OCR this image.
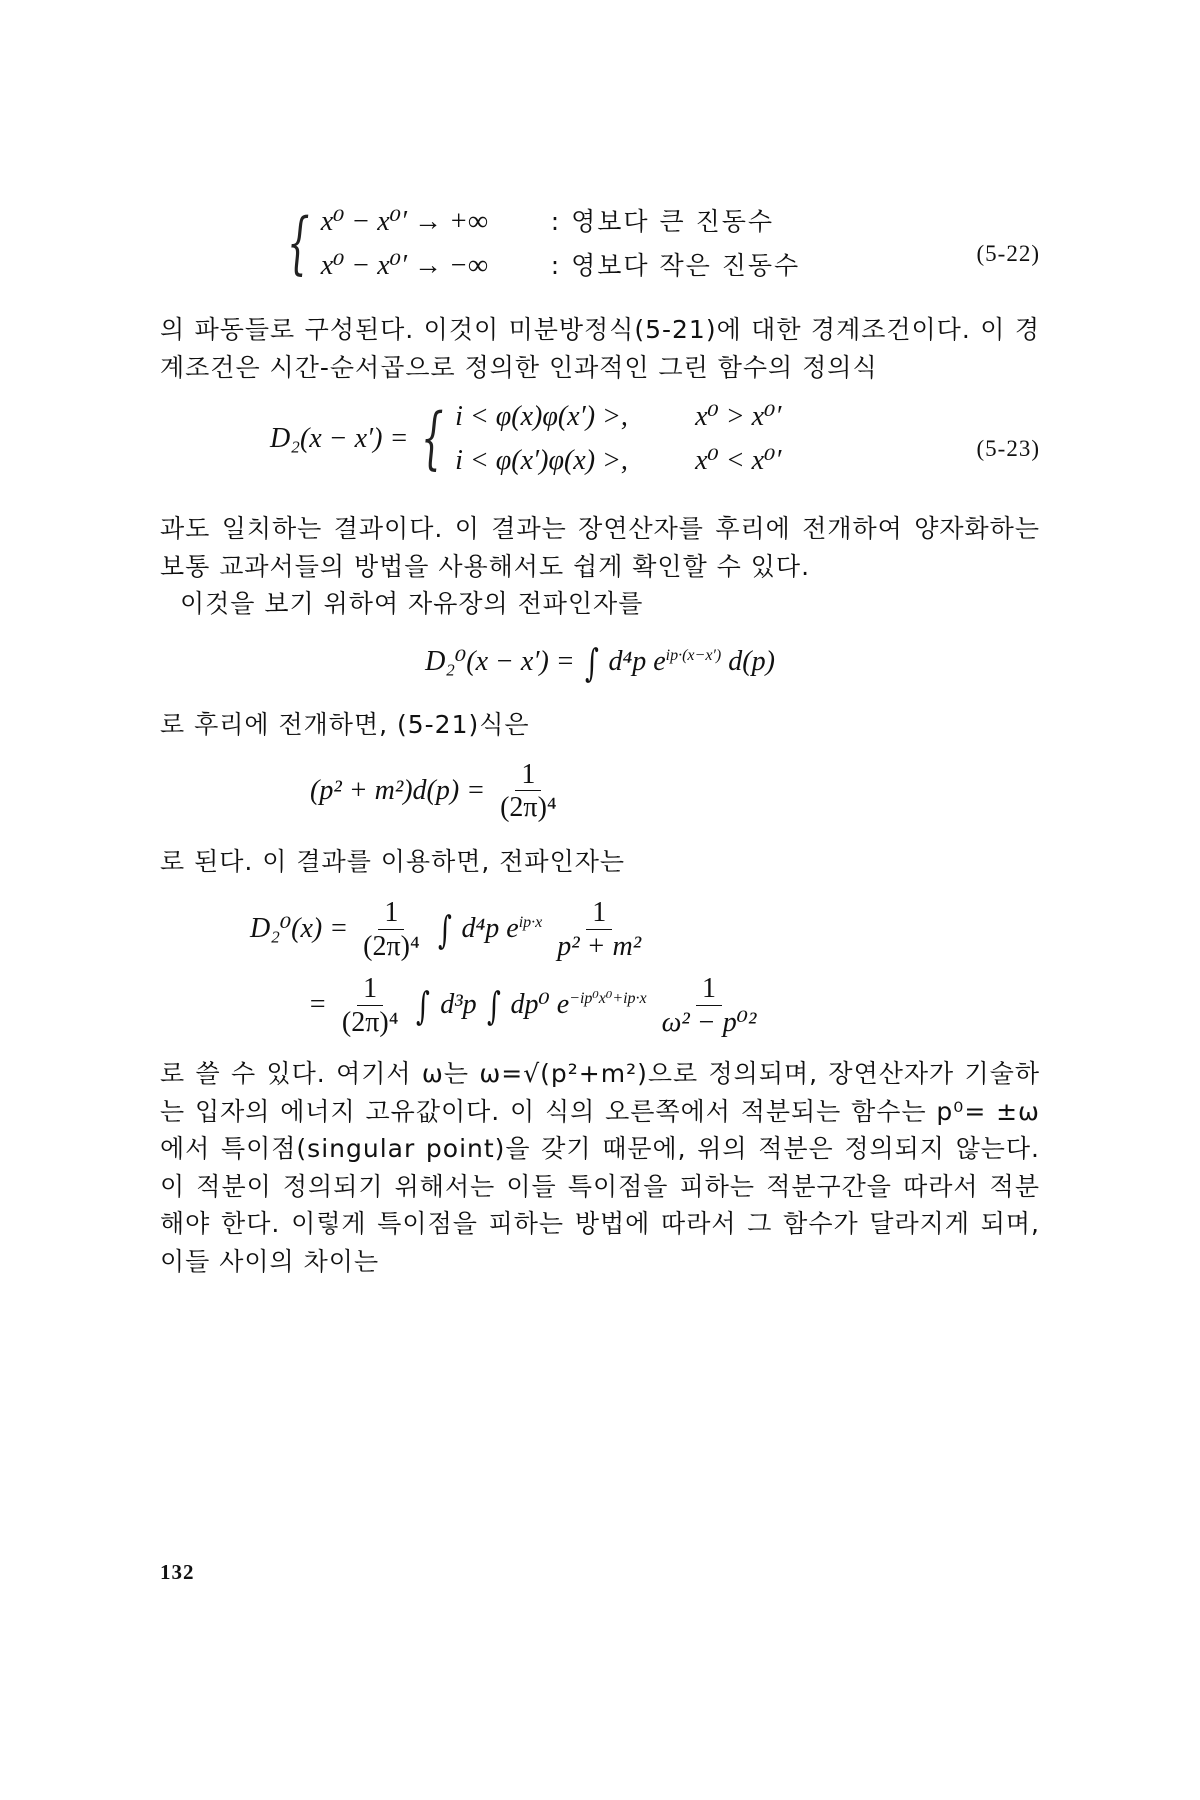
{ x⁰ − x⁰′ → +∞	: 영보다 큰 진동수
x⁰ − x⁰′ → −∞	: 영보다 작은 진동수	(5-22)

의 파동들로 구성된다. 이것이 미분방정식(5-21)에 대한 경계조건이다. 이 경계조건은 시간-순서곱으로 정의한 인과적인 그린 함수의 정의식

D₂(x − x′) = { i < φ(x)φ(x′) >,	x⁰ > x⁰′
i < φ(x′)φ(x) >,	x⁰ < x⁰′	(5-23)

과도 일치하는 결과이다. 이 결과는 장연산자를 후리에 전개하여 양자화하는 보통 교과서들의 방법을 사용해서도 쉽게 확인할 수 있다.

이것을 보기 위하여 자유장의 전파인자를

D₂⁰(x − x′) = ∫ d⁴p $e^{ip\cdot(x-x')}$ d(p)

로 후리에 전개하면, (5-21)식은

$(p^2 + m^2)d(p) = \frac{1}{\text{(2π)⁴}}$

로 된다. 이 결과를 이용하면, 전파인자는

$D_2^0(x) = \frac{1}{\text{(2π)⁴}}$ ∫ d⁴p $e^{ip\cdot x} \frac{1}{\text{p² + m²}}$
= $\frac{1}{\text{(2π)⁴}}$ ∫ d³p ∫ dp⁰ $e^{-ip^0x^0+ip\cdot x} \frac{1}{\text{ω² − p⁰²}}$

로 쓸 수 있다. 여기서 ω는 ω=√(p²+m²)으로 정의되며, 장연산자가 기술하는 입자의 에너지 고유값이다. 이 식의 오른쪽에서 적분되는 함수는 p⁰= ±ω에서 특이점(singular point)을 갖기 때문에, 위의 적분은 정의되지 않는다. 이 적분이 정의되기 위해서는 이들 특이점을 피하는 적분구간을 따라서 적분해야 한다. 이렇게 특이점을 피하는 방법에 따라서 그 함수가 달라지게 되며, 이들 사이의 차이는

132
